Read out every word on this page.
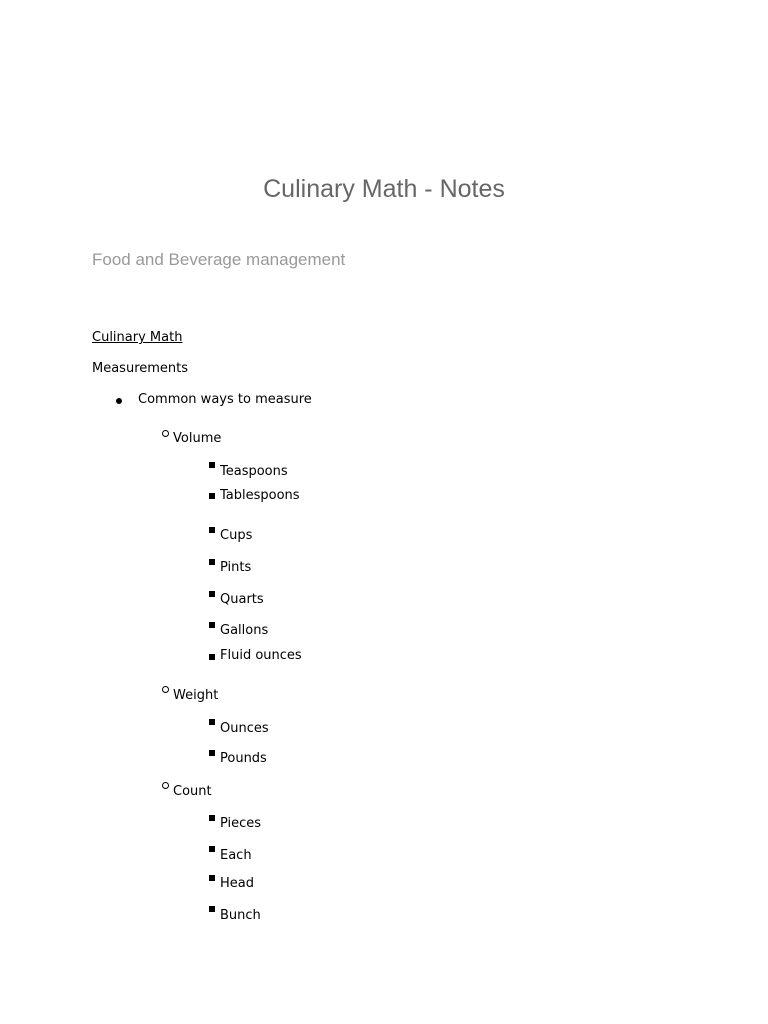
Culinary Math - Notes
Food and Beverage management
Culinary Math
Measurements
Common ways to measure
Volume
Teaspoons
Tablespoons
Cups
Pints
Quarts
Gallons
Fluid ounces
Weight
Ounces
Pounds
Count
Pieces
Each
Head
Bunch
